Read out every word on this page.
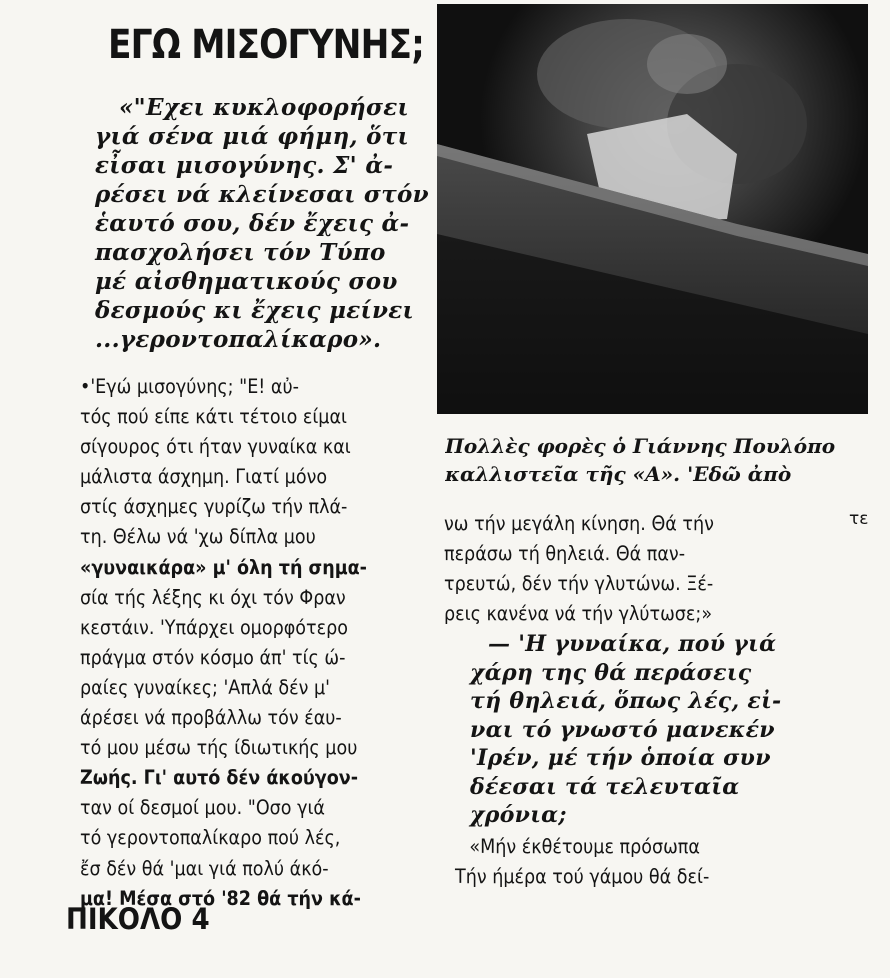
ΕΓΩ ΜΙΣΟΓΥΝΗΣ;
«"Εχει κυκλοφορήσει
γιά σένα μιά φήμη, ὅτι
εἶσαι μισογύνης. Σ' ἀ-
ρέσει νά κλείνεσαι στόν
ἑαυτό σου, δέν ἔχεις ἀ-
πασχολήσει τόν Τύπο
μέ αἰσθηματικούς σου
δεσμούς κι ἔχεις μείνει
...γεροντοπαλίκαρο».
•'Εγώ μισογύνης; "Ε! αὐ-
τός πού είπε κάτι τέτοιο είμαι
σίγουρος ότι ήταν γυναίκα και
μάλιστα άσχημη. Γιατί μόνο
στίς άσχημες γυρίζω τήν πλά-
τη. Θέλω νά 'χω δίπλα μου
«γυναικάρα» μ' όλη τή σημα-
σία τής λέξης κι όχι τόν Φραν
κεστάιν. 'Υπάρχει ομορφότερο
πράγμα στόν κόσμο άπ' τίς ώ-
ραίες γυναίκες; 'Απλά δέν μ'
άρέσει νά προβάλλω τόν έαυ-
τό μου μέσω τής ίδιωτικής μου
Ζωής. Γι' αυτό δέν άκούγον-
ταν οί δεσμοί μου. "Οσο γιά
τό γεροντοπαλίκαρο πού λές,
ἔσ δέν θά 'μαι γιά πολύ άκό-
μα! Μέσα στό '82 θά τήν κά-
Πολλὲς φορὲς ὁ Γιάννης Πουλόπο
καλλιστεῖα τῆς «Α». 'Εδῶ ἀπὸ
νω τήν μεγάλη κίνηση. Θά τήν
περάσω τή θηλειά. Θά παν-
τρευτώ, δέν τήν γλυτώνω. Ξέ-
ρεις κανένα νά τήν γλύτωσε;»
— 'Η γυναίκα, πού γιά
χάρη της θά περάσεις
τή θηλειά, ὅπως λές, εἰ-
ναι τό γνωστό μανεκέν
'Ιρέν, μέ τήν ὁποία συν
δέεσαι τά τελευταῖα
χρόνια;
«Μήν έκθέτουμε πρόσωπα
Τήν ήμέρα τού γάμου θά δεί-
τε
ΠΙΚΟΛΟ 4
